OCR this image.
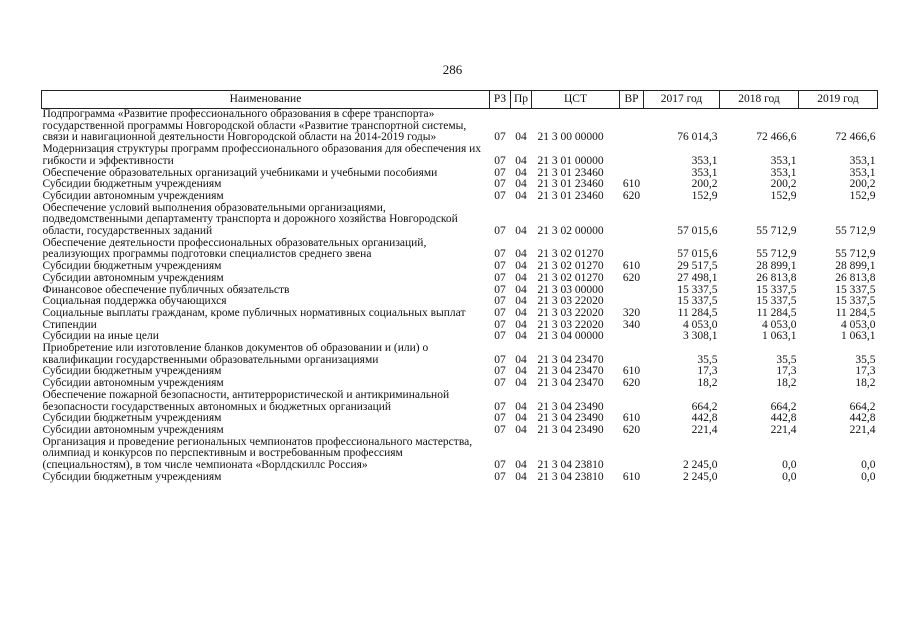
286
Наименование	РЗ	Пр	ЦСТ	ВР	2017 год	2018 год	2019 год
Подпрограмма «Развитие профессионального образования в сфере транспорта» государственной программы Новгородской области «Развитие транспортной системы, связи и навигационной деятельности Новгородской области на 2014-2019 годы»	07	04	21 3 00 00000		76 014,3	72 466,6	72 466,6
Модернизация структуры программ профессионального образования для обеспечения их гибкости и эффективности	07	04	21 3 01 00000		353,1	353,1	353,1
Обеспечение образовательных организаций учебниками и учебными пособиями	07	04	21 3 01 23460		353,1	353,1	353,1
Субсидии бюджетным учреждениям	07	04	21 3 01 23460	610	200,2	200,2	200,2
Субсидии автономным учреждениям	07	04	21 3 01 23460	620	152,9	152,9	152,9
Обеспечение условий выполнения образовательными организациями, подведомственными департаменту транспорта и дорожного хозяйства Новгородской области, государственных заданий	07	04	21 3 02 00000		57 015,6	55 712,9	55 712,9
Обеспечение деятельности профессиональных образовательных организаций, реализующих программы подготовки специалистов среднего звена	07	04	21 3 02 01270		57 015,6	55 712,9	55 712,9
Субсидии бюджетным учреждениям	07	04	21 3 02 01270	610	29 517,5	28 899,1	28 899,1
Субсидии автономным учреждениям	07	04	21 3 02 01270	620	27 498,1	26 813,8	26 813,8
Финансовое обеспечение публичных обязательств	07	04	21 3 03 00000		15 337,5	15 337,5	15 337,5
Социальная поддержка обучающихся	07	04	21 3 03 22020		15 337,5	15 337,5	15 337,5
Социальные выплаты гражданам, кроме публичных нормативных социальных выплат	07	04	21 3 03 22020	320	11 284,5	11 284,5	11 284,5
Стипендии	07	04	21 3 03 22020	340	4 053,0	4 053,0	4 053,0
Субсидии на иные цели	07	04	21 3 04 00000		3 308,1	1 063,1	1 063,1
Приобретение или изготовление бланков документов об образовании и (или) о квалификации государственными образовательными организациями	07	04	21 3 04 23470		35,5	35,5	35,5
Субсидии бюджетным учреждениям	07	04	21 3 04 23470	610	17,3	17,3	17,3
Субсидии автономным учреждениям	07	04	21 3 04 23470	620	18,2	18,2	18,2
Обеспечение пожарной безопасности, антитеррористической и антикриминальной безопасности государственных автономных и бюджетных организаций	07	04	21 3 04 23490		664,2	664,2	664,2
Субсидии бюджетным учреждениям	07	04	21 3 04 23490	610	442,8	442,8	442,8
Субсидии автономным учреждениям	07	04	21 3 04 23490	620	221,4	221,4	221,4
Организация и проведение региональных чемпионатов профессионального мастерства, олимпиад и конкурсов по перспективным и востребованным профессиям (специальностям), в том числе чемпионата «Ворлдскиллс Россия»	07	04	21 3 04 23810		2 245,0	0,0	0,0
Субсидии бюджетным учреждениям	07	04	21 3 04 23810	610	2 245,0	0,0	0,0
